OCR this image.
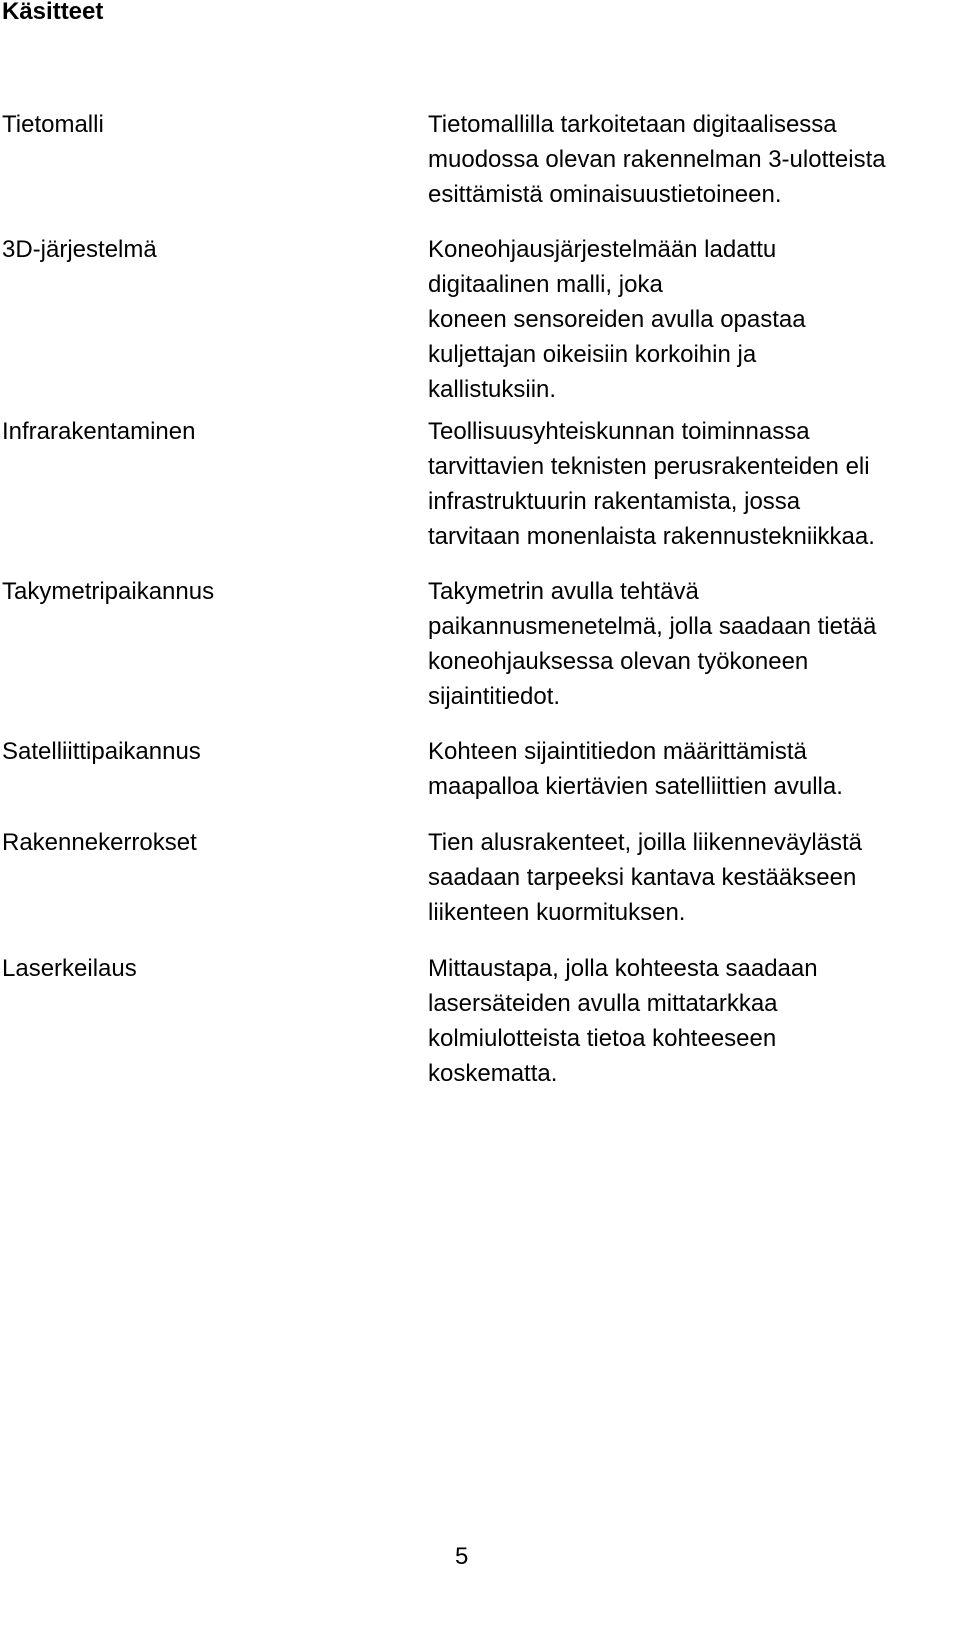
Käsitteet
Tietomalli	Tietomallilla tarkoitetaan digitaalisessa
muodossa olevan rakennelman 3-ulotteista
esittämistä ominaisuustietoineen.
3D-järjestelmä	Koneohjausjärjestelmään ladattu
digitaalinen malli, joka
koneen sensoreiden avulla opastaa
kuljettajan oikeisiin korkoihin ja
kallistuksiin.
Infrarakentaminen	Teollisuusyhteiskunnan toiminnassa
tarvittavien teknisten perusrakenteiden eli
infrastruktuurin rakentamista, jossa
tarvitaan monenlaista rakennustekniikkaa.
Takymetripaikannus	Takymetrin avulla tehtävä
paikannusmenetelmä, jolla saadaan tietää
koneohjauksessa olevan työkoneen
sijaintitiedot.
Satelliittipaikannus	Kohteen sijaintitiedon määrittämistä
maapalloa kiertävien satelliittien avulla.
Rakennekerrokset	Tien alusrakenteet, joilla liikenneväylästä
saadaan tarpeeksi kantava kestääkseen
liikenteen kuormituksen.
Laserkeilaus	Mittaustapa, jolla kohteesta saadaan
lasersäteiden avulla mittatarkkaa
kolmiulotteista tietoa kohteeseen
koskematta.
5
